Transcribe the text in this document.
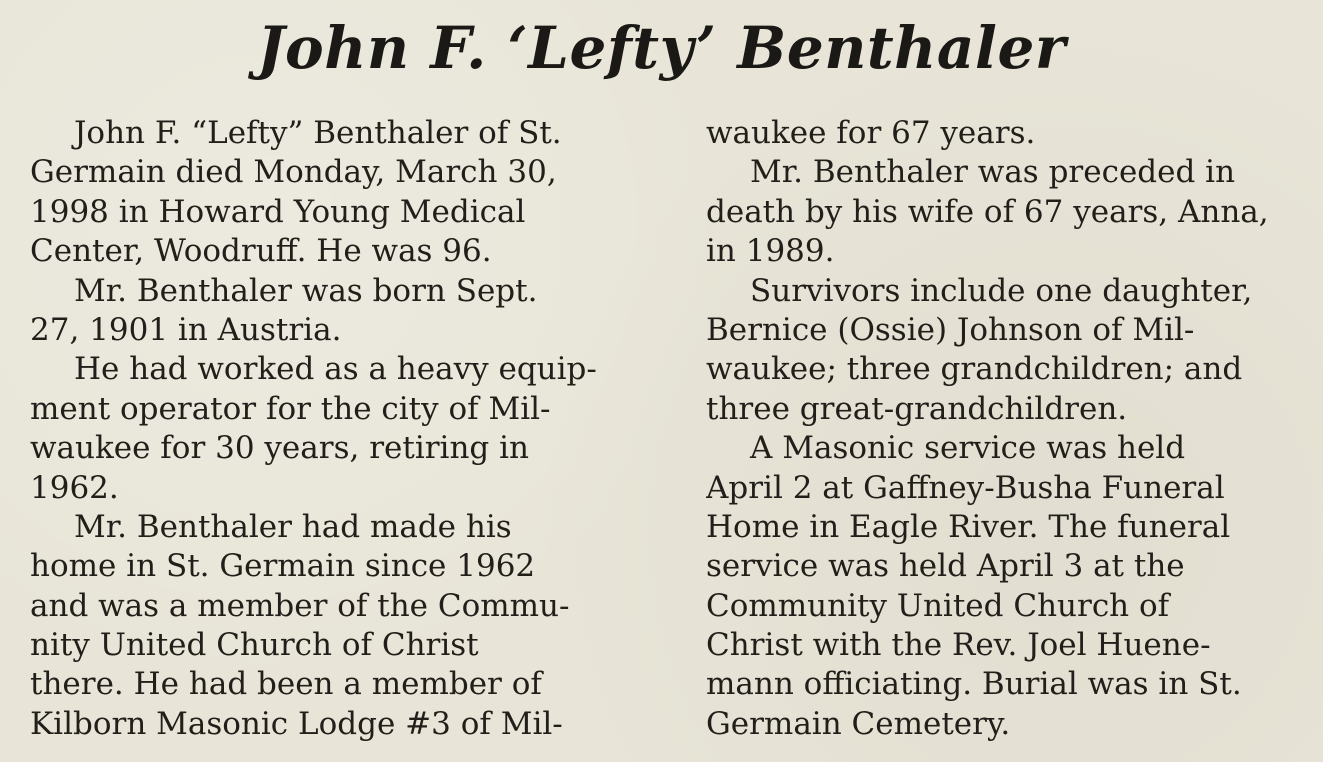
John F. ‘Lefty’ Benthaler
John F. “Lefty” Benthaler of St.
Germain died Monday, March 30,
1998 in Howard Young Medical
Center, Woodruff. He was 96.
Mr. Benthaler was born Sept.
27, 1901 in Austria.
He had worked as a heavy equip-
ment operator for the city of Mil-
waukee for 30 years, retiring in
1962.
Mr. Benthaler had made his
home in St. Germain since 1962
and was a member of the Commu-
nity United Church of Christ
there. He had been a member of
Kilborn Masonic Lodge #3 of Mil-
waukee for 67 years.
Mr. Benthaler was preceded in
death by his wife of 67 years, Anna,
in 1989.
Survivors include one daughter,
Bernice (Ossie) Johnson of Mil-
waukee; three grandchildren; and
three great-grandchildren.
A Masonic service was held
April 2 at Gaffney-Busha Funeral
Home in Eagle River. The funeral
service was held April 3 at the
Community United Church of
Christ with the Rev. Joel Huene-
mann officiating. Burial was in St.
Germain Cemetery.
